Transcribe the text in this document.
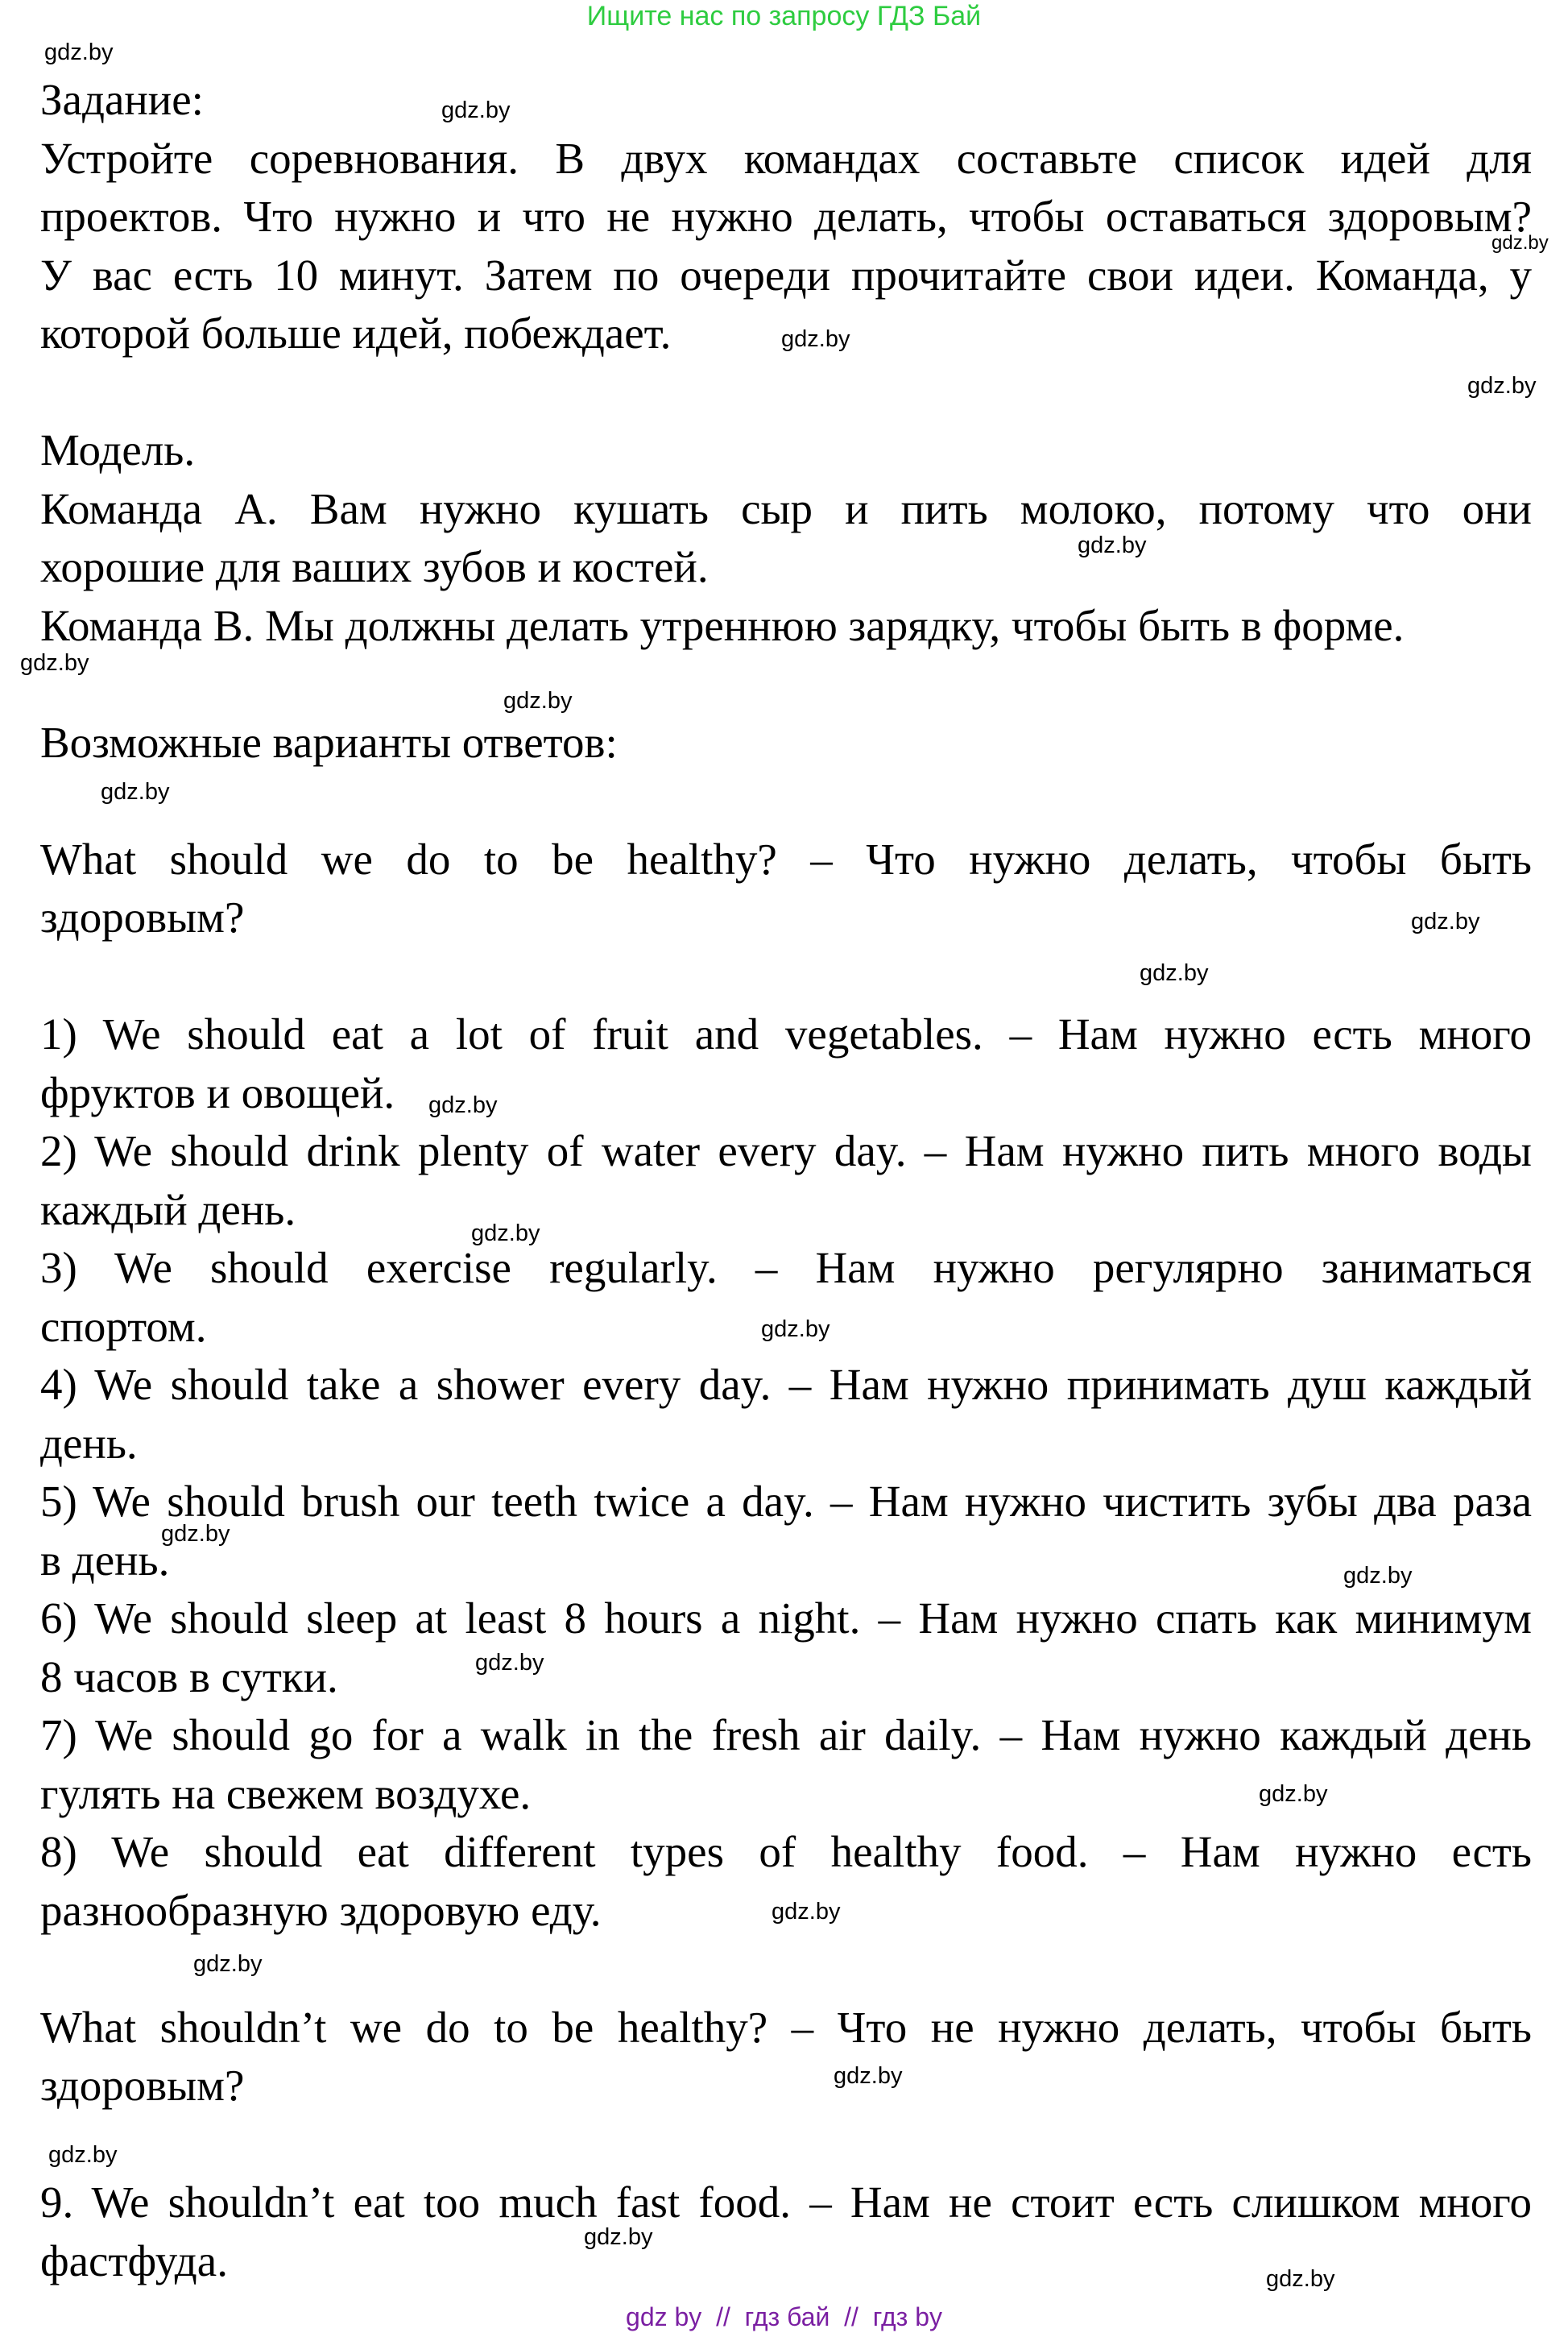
Ищите нас по запросу ГДЗ Бай
Задание:
Устройте соревнования. В двух командах составьте список идей для
проектов. Что нужно и что не нужно делать, чтобы оставаться здоровым?
У вас есть 10 минут. Затем по очереди прочитайте свои идеи. Команда, у
которой больше идей, побеждает.
Модель.
Команда А. Вам нужно кушать сыр и пить молоко, потому что они
хорошие для ваших зубов и костей.
Команда В. Мы должны делать утреннюю зарядку, чтобы быть в форме.
Возможные варианты ответов:
What should we do to be healthy? – Что нужно делать, чтобы быть
здоровым?
1) We should eat a lot of fruit and vegetables. – Нам нужно есть много
фруктов и овощей.
2) We should drink plenty of water every day. – Нам нужно пить много воды
каждый день.
3) We should exercise regularly. – Нам нужно регулярно заниматься
спортом.
4) We should take a shower every day. – Нам нужно принимать душ каждый
день.
5) We should brush our teeth twice a day. – Нам нужно чистить зубы два раза
в день.
6) We should sleep at least 8 hours a night. – Нам нужно спать как минимум
8 часов в сутки.
7) We should go for a walk in the fresh air daily. – Нам нужно каждый день
гулять на свежем воздухе.
8) We should eat different types of healthy food. – Нам нужно есть
разнообразную здоровую еду.
What shouldn’t we do to be healthy? – Что не нужно делать, чтобы быть
здоровым?
9. We shouldn’t eat too much fast food. – Нам не стоит есть слишком много
фастфуда.
gdz.by
gdz.by
gdz.by
gdz.by
gdz.by
gdz.by
gdz.by
gdz.by
gdz.by
gdz.by
gdz.by
gdz.by
gdz.by
gdz.by
gdz.by
gdz.by
gdz.by
gdz.by
gdz.by
gdz.by
gdz.by
gdz.by
gdz.by
gdz.by
gdz by  //  гдз бай  //  гдз by
